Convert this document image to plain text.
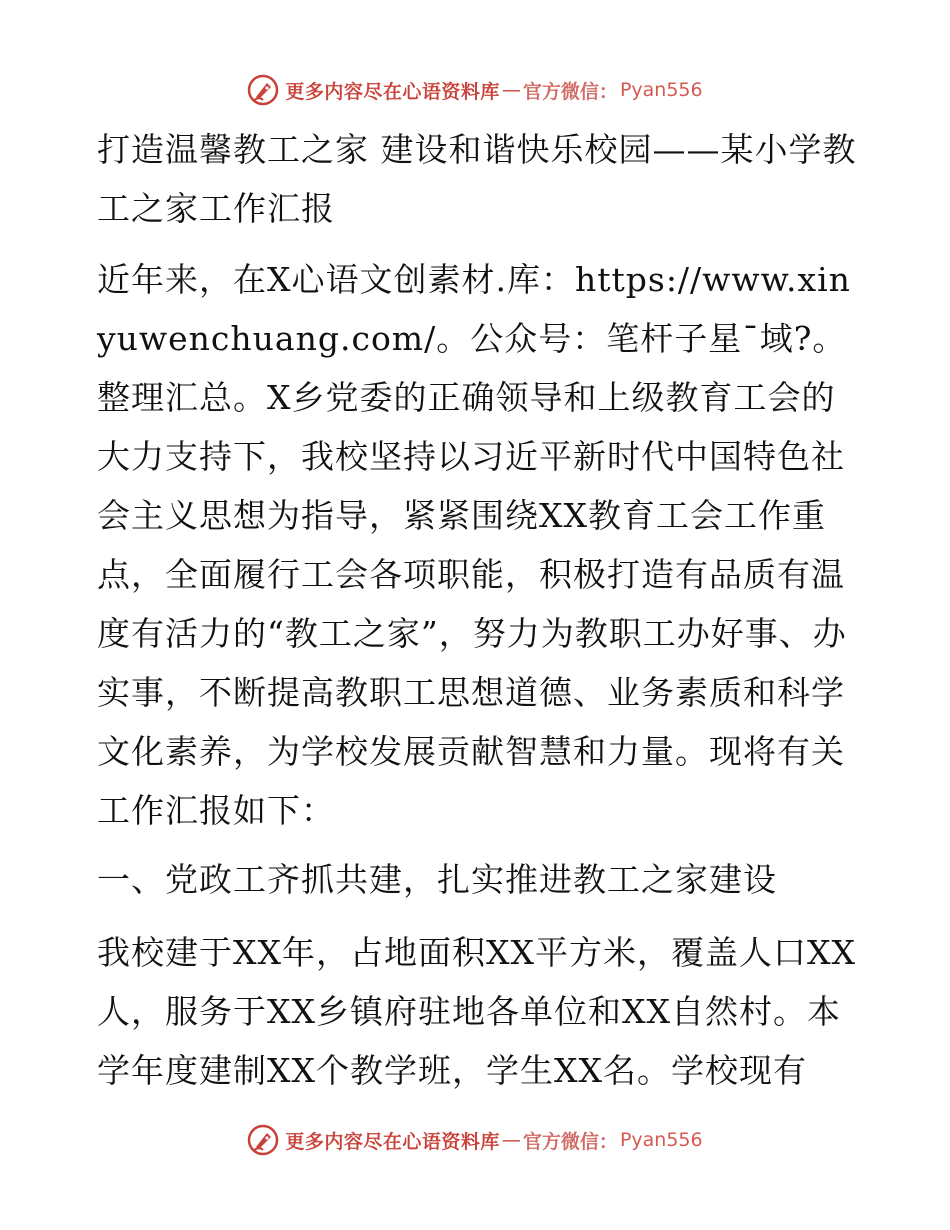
更多内容尽在心语资料库 — 官方微信： Pyan556

打造温馨教工之家 建设和谐快乐校园——某小学教工之家工作汇报

近年来，在X心语文创素材.库：https://www.xinyuwenchuang.com/。公众号：笔杆子星¯域?。整理汇总。X乡党委的正确领导和上级教育工会的大力支持下，我校坚持以习近平新时代中国特色社会主义思想为指导，紧紧围绕XX教育工会工作重点，全面履行工会各项职能，积极打造有品质有温度有活力的“教工之家”，努力为教职工办好事、办实事，不断提高教职工思想道德、业务素质和科学文化素养，为学校发展贡献智慧和力量。现将有关工作汇报如下：

一、党政工齐抓共建，扎实推进教工之家建设

我校建于XX年，占地面积XX平方米，覆盖人口XX人，服务于XX乡镇府驻地各单位和XX自然村。本学年度建制XX个教学班，学生XX名。学校现有

更多内容尽在心语资料库 — 官方微信： Pyan556
